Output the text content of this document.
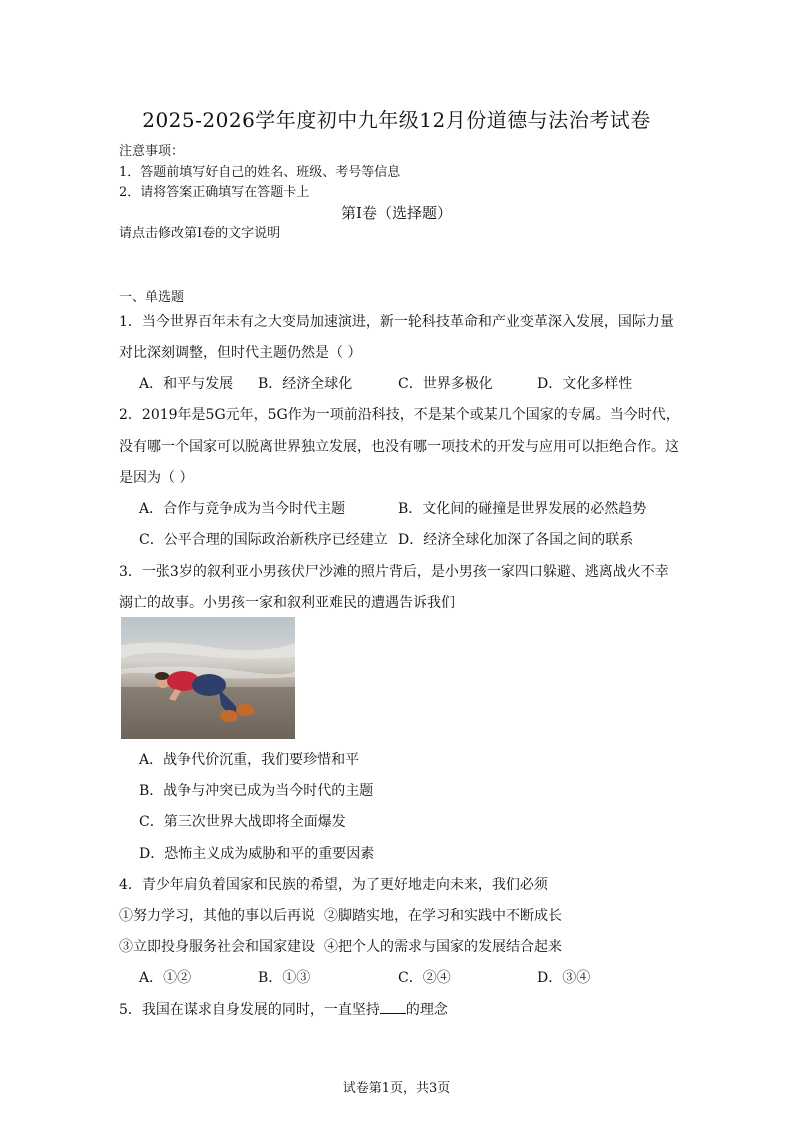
2025-2026学年度初中九年级12月份道德与法治考试卷
注意事项：
1．答题前填写好自己的姓名、班级、考号等信息
2．请将答案正确填写在答题卡上
第I卷（选择题）
请点击修改第I卷的文字说明
一、单选题
1．当今世界百年未有之大变局加速演进，新一轮科技革命和产业变革深入发展，国际力量
对比深刻调整，但时代主题仍然是（ ）
A．和平与发展 B．经济全球化	C．世界多极化	D．文化多样性
2．2019年是5G元年，5G作为一项前沿科技，不是某个或某几个国家的专属。当今时代，
没有哪一个国家可以脱离世界独立发展，也没有哪一项技术的开发与应用可以拒绝合作。这
是因为（ ）
A．合作与竞争成为当今时代主题	B．文化间的碰撞是世界发展的必然趋势
C．公平合理的国际政治新秩序已经建立 D．经济全球化加深了各国之间的联系
3．一张3岁的叙利亚小男孩伏尸沙滩的照片背后，是小男孩一家四口躲避、逃离战火不幸
溺亡的故事。小男孩一家和叙利亚难民的遭遇告诉我们
A．战争代价沉重，我们要珍惜和平
B．战争与冲突已成为当今时代的主题
C．第三次世界大战即将全面爆发
D．恐怖主义成为威胁和平的重要因素
4．青少年肩负着国家和民族的希望，为了更好地走向未来，我们必须
①努力学习，其他的事以后再说 ②脚踏实地，在学习和实践中不断成长
③立即投身服务社会和国家建设 ④把个人的需求与国家的发展结合起来
A．①②	B．①③	C．②④	D．③④
5．我国在谋求自身发展的同时，一直坚持 的理念
试卷第1页，共3页
